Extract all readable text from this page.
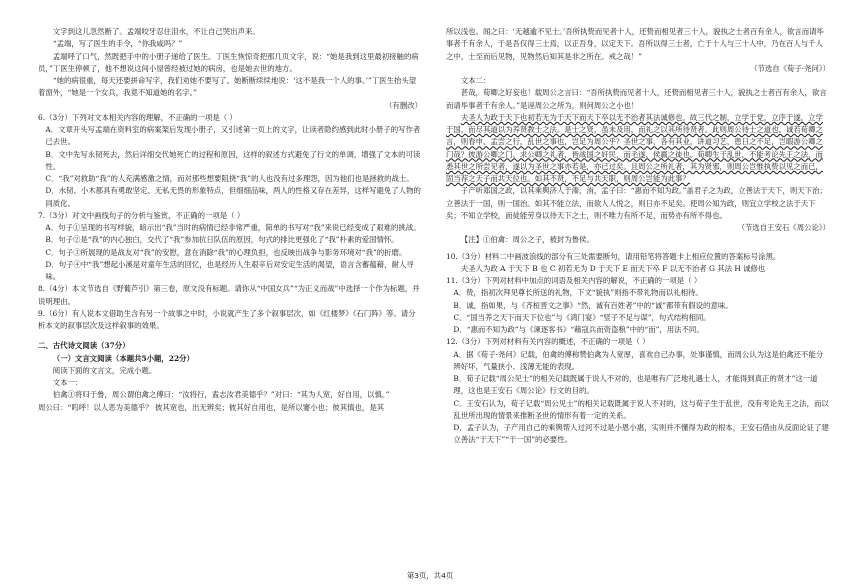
文字到这儿忽然断了。孟端咬牙忍住泪水，不让自己哭出声来。

“孟端，写了医生的手令，“你我咸吗？”

孟端呼了口气，然既把手中的小册子递给了医生。丁医生恢惊奇把那几页文字，说：“她是我到这里最初接触的病员，”丁医生停顿了，他不想说这间小屋曾经被过她的病房，也是她去世的地方。

“她的病很重，每天还要拼命写字，我们劝她不要写了。她断断续续地说：‘这不是我一个人的事。’”丁医生抬头望着窗外，“她是一个女兵，我竟不知道她的名字。”

（有删改）

6.（3分）下列对文本相关内容的理解，不正确的一项是（ ）

A．文章开头写孟端在资料室的病案架后发现小册子，又引述第一页上的文字，让读者隐约感到此时小册子的写作者已去世。

B．文中先写永韧死去，然后详细交代她死亡的过程和原因，这样的叙述方式避免了行文的单调，增强了文本的可读性。

C．“我”对救助“我”的人充满感激之情，而对那些想要阻挠“我”的人也没有过多理怨，因为他们也是拯救的战士。

D．水韧、小木都具有勇敢坚定、无私无畏的形象特点，但细细品味，两人的性格又存在差异，这样写避免了人物的同质化。

7.（3分）对文中画线句子的分析与鉴赏，不正确的一项是（ ）

A．句子①呈现的书写样貌，暗示出“我”当时的病情已经非常严重，简单的书写对“我”来说已经变成了艰难的挑战。

B．句子②是“我”的内心独白，交代了“我”参加抗日队伍的原因，句式的排比更强化了“我”朴素的爱国情怀。

C．句子③所展现的是战友对“我”的安慰，意在消除“我”的心理负担，也反映出战争与影务环境对“我”的折磨。

D．句子④中“我”想起小溪是对童年生活的回忆，也是经历人生艰辛后对安定生活的渴望，语言含蓄蕴藉，耐人寻味。

8.（4分）本文节选自《野葡芦引》第三卷，原文没有标题。请你从“中国女兵”“为正义而战”中选择一个作为标题，并说明理由。

9.（6分）有人说本文借助生含有另一个故事之中时，小说就产生了多个叙事层次，如《红楼梦》《石门阵》等。请分析本文的叙事层次及这样叙事的效果。

二、古代诗文阅读（37分）

（一）文言文阅读（本题共5小题，22分）

阅读下面的文言文，完成小题。

文本一：

伯禽①将归于鲁，周公谓伯禽之傅曰：“汝将行，盍志汝君美德乎？”对曰：“其为人宽，好自用，以慎。”

周公曰：“呜呼！以人恶为美德乎？ 彼其宽也，出无辨矣；彼其好自用也，是所以窭小也；彼其慎也，是其

所以浅也。闻之曰：‘无越逾不见士。’吾所执贽而见者十人，还贽而相见者三十人，貌执之士者百有余人，欲言而请毕事者千有余人，于是吾仅得三士焉，以正吾身，以定天下。吾所以得三士者，亡于十人与三十人中，乃在百人与千人之中。士至而后见物，见物然后知其是非之所在。戒之哉！”

（节选自《荀子·尧问》）

文本二：

甚哉，荀卿之好妄也！载周公之言曰：“吾所执贽而见者十人，还贽而相见者三十人，貌执之士者百有余人，欲言而请毕事者千有余人。”是诬周公之所为，则何周公之小也！

夫圣人为政于天下也初若无为于天下而天下卒以无不治者其法诚修也。故三代之制，立学于党，立序于遂，立学于国，而尽其道以为养贤教士之法。是士之贤，虽未及用，而礼之以其所待贤者。此则周公待士之道也。诚若荀卿之言，则春申、孟尝之行，乱世之事也，岂足为周公乎？圣世之事，各有其业，讲道习艺，患日之不足，岂暇游公卿之门哉？彼游公卿之门、求公卿之礼者，皆战国之奸民，而毛遂、侯嬴之徒也。荀卿生于乱世，不能考论先王之法，而悉其世之所尝见者，遂以为圣世之事亦若是，亦已过矣。且周公之所礼者，其为贤邪，则周公岂惟执贽以见之而已，固当荐之天子而共天位也。如其不贤，不足与共天职，则周公岂能为此事？

子产听郑国之政，以其乘舆济人于溱、洧，孟子曰：“惠而不知为政。”盖君子之为政，立善法于天下，则天下治；立善法于一国，则一国治。如其不能立法，而欲人人悦之，则日亦不足矣。使周公知为政，则宜立学校之法于天下矣；不知立学校，而徒能劳身以待天下之士，则不唯力有所不足，而势亦有所不得也。

（节选自王安石《周公论》）

【注】①伯禽：周公之子，被封为鲁侯。

10.（3分）材料二中画波浪线的部分有三处需要断句，请用铅笔将答题卡上相应位置的答案标号涂黑。

夫圣人为政 A 于天下 B 也 C 初若无为 D 于天下 E 而天下卒 F 以无不治者 G 其法 H 诚修也

11.（3分）下列对材料中加点的词语及相关内容的解说，不正确的一项是（ ）

A．贽，指初次拜见尊长所送的礼物，下文“貌执”则指不带礼物而以礼相待。

B．诚，指如果，与《齐桓晋文之事》“然，诚有百姓者”中的“诚”都带有假设的意味。

C．“国当养之天下而天下位也”与《鸿门宴》“竖子不足与谋”，句式结构相同。

D．“惠而不知为政”与《谏逐客书》“藉寇兵而资盗粮”中的“而”，用法不同。

12.（3分）下列对材料有关内容的概述，不正确的一项是（ ）

A．据《荀子·尧问》记载，伯禽的傅称赞伯禽为人宽厚，喜欢自己办事，处事谨慎，而周公认为这是伯禽还不能分辨好坏，气量狭小、浅薄无能的表现。

B．荀子记载“周公见士”的相关记载既属于说人不对的，也是唯有广泛地礼遇士人，才能得到真正的贤才”这一道理，这也是王安石《周公论》行文的目的。

C．王安石认为，荀子记载“周公见士”的相关记载既属于说人不对的，这与荀子生于乱世，没有考论先王之法，而以乱世所出现的情景来推断圣世的情形有着一定的关系。

D．孟子认为，子产用自己的乘舆帮人过河不过是小恩小惠，实则并不懂得为政的根本，王安石借由从反面论证了建立善法“于天下”“于一国”的必要性。

第3页，共4页
